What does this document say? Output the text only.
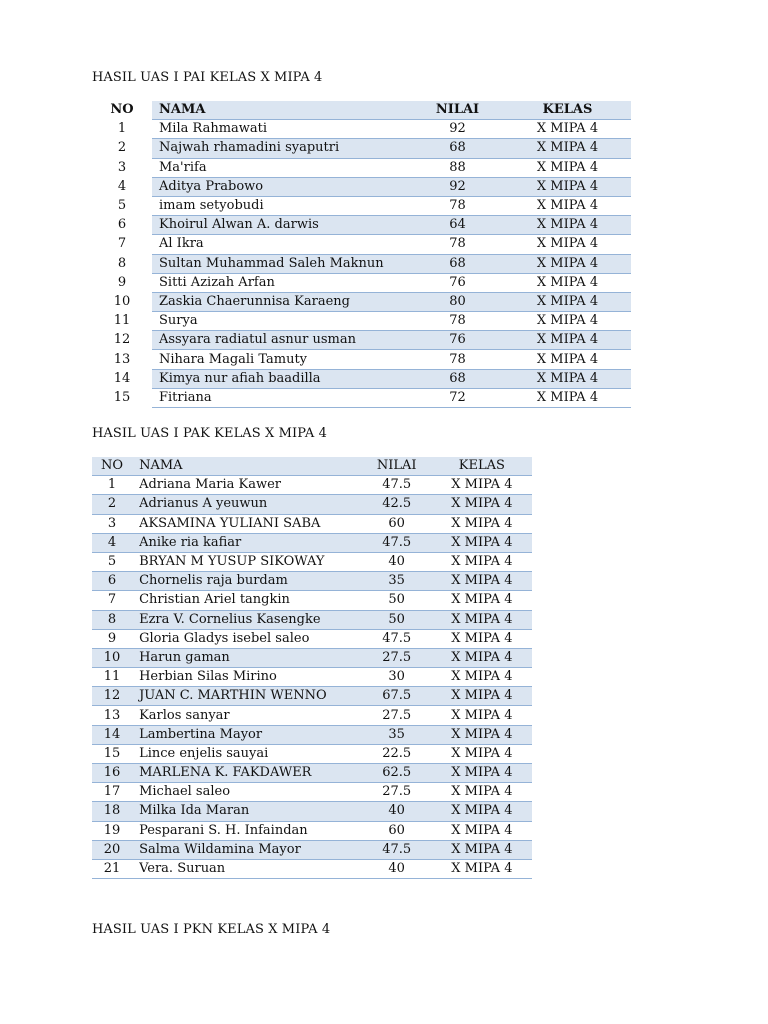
HASIL UAS I PAI KELAS X MIPA 4
NO	NAMA	NILAI	KELAS
1	Mila Rahmawati	92	X MIPA 4
2	Najwah rhamadini syaputri	68	X MIPA 4
3	Ma'rifa	88	X MIPA 4
4	Aditya Prabowo	92	X MIPA 4
5	imam setyobudi	78	X MIPA 4
6	Khoirul Alwan A. darwis	64	X MIPA 4
7	Al Ikra	78	X MIPA 4
8	Sultan Muhammad Saleh Maknun	68	X MIPA 4
9	Sitti Azizah Arfan	76	X MIPA 4
10	Zaskia Chaerunnisa Karaeng	80	X MIPA 4
11	Surya	78	X MIPA 4
12	Assyara radiatul asnur usman	76	X MIPA 4
13	Nihara Magali Tamuty	78	X MIPA 4
14	Kimya nur afiah baadilla	68	X MIPA 4
15	Fitriana	72	X MIPA 4
HASIL UAS I PAK KELAS X MIPA 4
NO	NAMA	NILAI	KELAS
1	Adriana Maria Kawer	47.5	X MIPA 4
2	Adrianus A yeuwun	42.5	X MIPA 4
3	AKSAMINA YULIANI SABA	60	X MIPA 4
4	Anike ria kafiar	47.5	X MIPA 4
5	BRYAN M YUSUP SIKOWAY	40	X MIPA 4
6	Chornelis raja burdam	35	X MIPA 4
7	Christian Ariel tangkin	50	X MIPA 4
8	Ezra V. Cornelius Kasengke	50	X MIPA 4
9	Gloria Gladys isebel saleo	47.5	X MIPA 4
10	Harun gaman	27.5	X MIPA 4
11	Herbian Silas Mirino	30	X MIPA 4
12	JUAN C. MARTHIN WENNO	67.5	X MIPA 4
13	Karlos sanyar	27.5	X MIPA 4
14	Lambertina Mayor	35	X MIPA 4
15	Lince enjelis sauyai	22.5	X MIPA 4
16	MARLENA K. FAKDAWER	62.5	X MIPA 4
17	Michael saleo	27.5	X MIPA 4
18	Milka Ida Maran	40	X MIPA 4
19	Pesparani S. H. Infaindan	60	X MIPA 4
20	Salma Wildamina Mayor	47.5	X MIPA 4
21	Vera. Suruan	40	X MIPA 4
HASIL UAS I PKN KELAS X MIPA 4
